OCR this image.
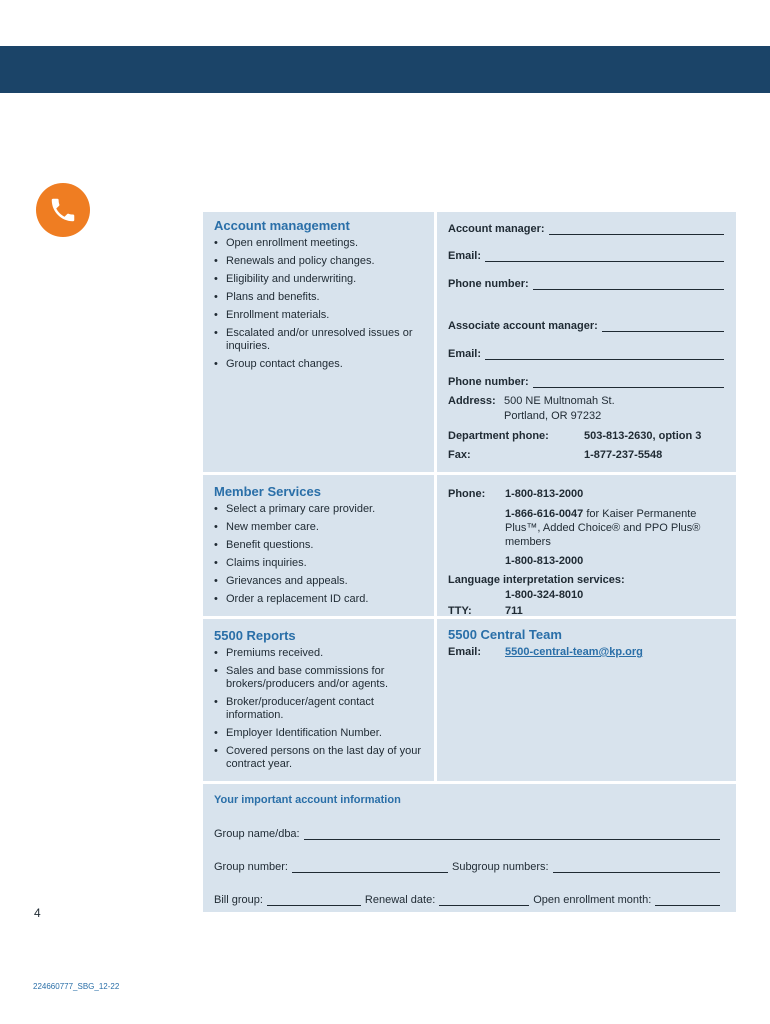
Account management
• Open enrollment meetings.
• Renewals and policy changes.
• Eligibility and underwriting.
• Plans and benefits.
• Enrollment materials.
• Escalated and/or unresolved issues or inquiries.
• Group contact changes.
Account manager:
Email:
Phone number:
Associate account manager:
Email:
Phone number:
Address: 500 NE Multnomah St.
Portland, OR 97232
Department phone:	503-813-2630, option 3
Fax:	1-877-237-5548
Member Services
• Select a primary care provider.
• New member care.
• Benefit questions.
• Claims inquiries.
• Grievances and appeals.
• Order a replacement ID card.
Phone:	1-800-813-2000
1-866-616-0047 for Kaiser Permanente Plus™, Added Choice® and PPO Plus® members
1-800-813-2000
Language interpretation services:
1-800-324-8010
TTY:	711
5500 Reports
• Premiums received.
• Sales and base commissions for brokers/producers and/or agents.
• Broker/producer/agent contact information.
• Employer Identification Number.
• Covered persons on the last day of your contract year.
5500 Central Team
Email:	5500-central-team@kp.org
Your important account information
Group name/dba:
Group number:	Subgroup numbers:
Bill group:	Renewal date:	Open enrollment month:
4
224660777_SBG_12-22
